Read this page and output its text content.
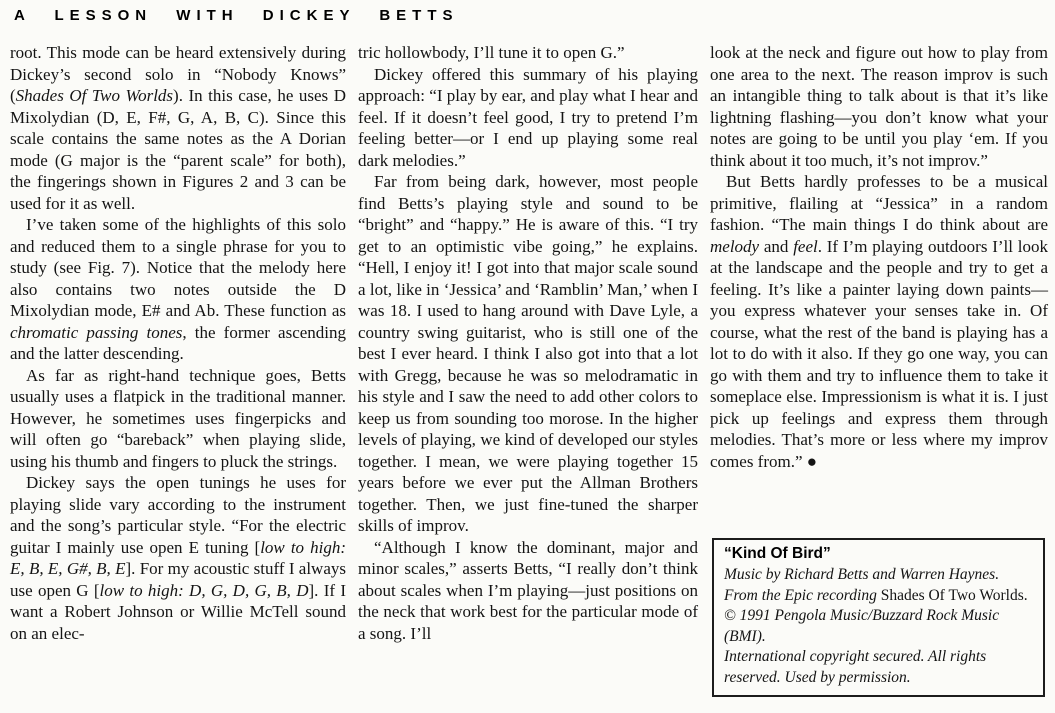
A LESSON WITH DICKEY BETTS

root. This mode can be heard extensively during Dickey’s second solo in “Nobody Knows” (Shades Of Two Worlds). In this case, he uses D Mixolydian (D, E, F#, G, A, B, C). Since this scale contains the same notes as the A Dorian mode (G major is the “parent scale” for both), the fingerings shown in Figures 2 and 3 can be used for it as well.

I’ve taken some of the highlights of this solo and reduced them to a single phrase for you to study (see Fig. 7). Notice that the melody here also contains two notes outside the D Mixolydian mode, E# and Ab. These function as chromatic passing tones, the former ascending and the latter descending.

As far as right-hand technique goes, Betts usually uses a flatpick in the traditional manner. However, he sometimes uses fingerpicks and will often go “bareback” when playing slide, using his thumb and fingers to pluck the strings.

Dickey says the open tunings he uses for playing slide vary according to the instrument and the song’s particular style. “For the electric guitar I mainly use open E tuning [low to high: E, B, E, G#, B, E]. For my acoustic stuff I always use open G [low to high: D, G, D, G, B, D]. If I want a Robert Johnson or Willie McTell sound on an elec-

tric hollowbody, I’ll tune it to open G.”

Dickey offered this summary of his playing approach: “I play by ear, and play what I hear and feel. If it doesn’t feel good, I try to pretend I’m feeling better—or I end up playing some real dark melodies.”

Far from being dark, however, most people find Betts’s playing style and sound to be “bright” and “happy.” He is aware of this. “I try get to an optimistic vibe going,” he explains. “Hell, I enjoy it! I got into that major scale sound a lot, like in ‘Jessica’ and ‘Ramblin’ Man,’ when I was 18. I used to hang around with Dave Lyle, a country swing guitarist, who is still one of the best I ever heard. I think I also got into that a lot with Gregg, because he was so melodramatic in his style and I saw the need to add other colors to keep us from sounding too morose. In the higher levels of playing, we kind of developed our styles together. I mean, we were playing together 15 years before we ever put the Allman Brothers together. Then, we just fine-tuned the sharper skills of improv.

“Although I know the dominant, major and minor scales,” asserts Betts, “I really don’t think about scales when I’m playing—just positions on the neck that work best for the particular mode of a song. I’ll

look at the neck and figure out how to play from one area to the next. The reason improv is such an intangible thing to talk about is that it’s like lightning flashing—you don’t know what your notes are going to be until you play ‘em. If you think about it too much, it’s not improv.”

But Betts hardly professes to be a musical primitive, flailing at “Jessica” in a random fashion. “The main things I do think about are melody and feel. If I’m playing outdoors I’ll look at the landscape and the people and try to get a feeling. It’s like a painter laying down paints—you express whatever your senses take in. Of course, what the rest of the band is playing has a lot to do with it also. If they go one way, you can go with them and try to influence them to take it someplace else. Impressionism is what it is. I just pick up feelings and express them through melodies. That’s more or less where my improv comes from.” ●

“Kind Of Bird”

Music by Richard Betts and Warren Haynes.

From the Epic recording Shades Of Two Worlds.

© 1991 Pengola Music/Buzzard Rock Music (BMI).

International copyright secured. All rights reserved. Used by permission.
